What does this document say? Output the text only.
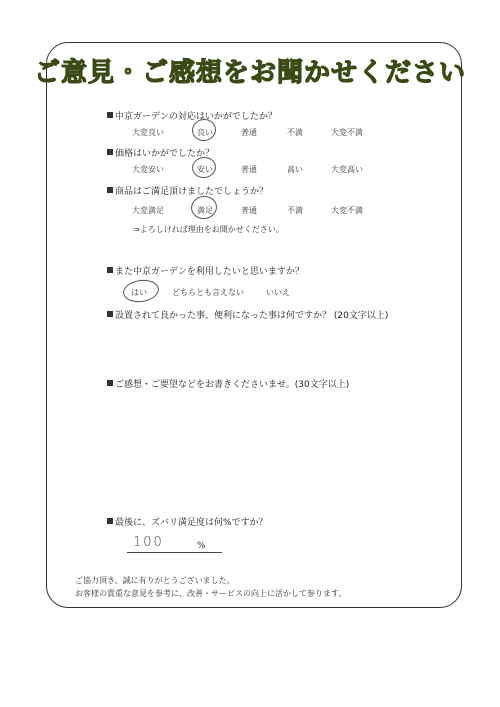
ご意見・ご感想をお聞かせください
中京ガーデンの対応はいかがでしたか？
大変良い	良い	普通	不満	大変不満
価格はいかがでしたか？
大変安い	安い	普通	高い	大変高い
商品はご満足頂けましたでしょうか？
大変満足	満足	普通	不満	大変不満
⇒よろしければ理由をお聞かせください。
また中京ガーデンを利用したいと思いますか？
はい	どちらとも言えない	いいえ
設置されて良かった事、便利になった事は何ですか？ (20文字以上)
ご感想・ご要望などをお書きくださいませ。(30文字以上)
最後に、ズバリ満足度は何%ですか？
100	%
ご協力頂き、誠に有りがとうございました。
お客様の貴重な意見を参考に、改善・サービスの向上に活かして参ります。
